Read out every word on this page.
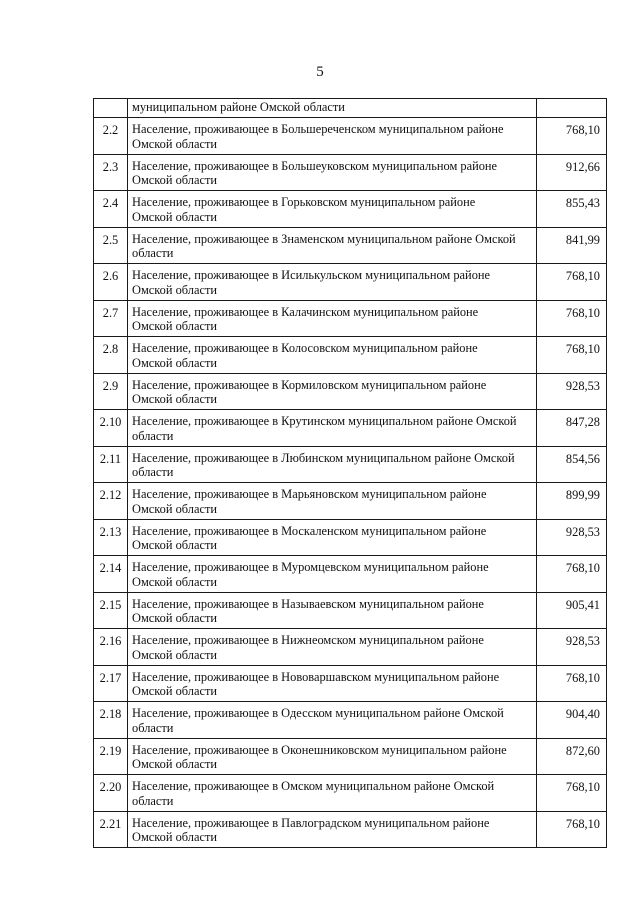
5

	муниципальном районе Омской области	

2.2	Население, проживающее в Большереченском муниципальном районе
Омской области	768,10
2.3	Население, проживающее в Большеуковском муниципальном районе
Омской области	912,66
2.4	Население, проживающее в Горьковском муниципальном районе
Омской области	855,43
2.5	Население, проживающее в Знаменском муниципальном районе Омской
области	841,99
2.6	Население, проживающее в Исилькульском муниципальном районе
Омской области	768,10
2.7	Население, проживающее в Калачинском муниципальном районе
Омской области	768,10
2.8	Население, проживающее в Колосовском муниципальном районе
Омской области	768,10
2.9	Население, проживающее в Кормиловском муниципальном районе
Омской области	928,53
2.10	Население, проживающее в Крутинском муниципальном районе Омской
области	847,28
2.11	Население, проживающее в Любинском муниципальном районе Омской
области	854,56
2.12	Население, проживающее в Марьяновском муниципальном районе
Омской области	899,99
2.13	Население, проживающее в Москаленском муниципальном районе
Омской области	928,53
2.14	Население, проживающее в Муромцевском муниципальном районе
Омской области	768,10
2.15	Население, проживающее в Называевском муниципальном районе
Омской области	905,41
2.16	Население, проживающее в Нижнеомском муниципальном районе
Омской области	928,53
2.17	Население, проживающее в Нововаршавском муниципальном районе
Омской области	768,10
2.18	Население, проживающее в Одесском муниципальном районе Омской
области	904,40
2.19	Население, проживающее в Оконешниковском муниципальном районе
Омской области	872,60
2.20	Население, проживающее в Омском муниципальном районе Омской
области	768,10
2.21	Население, проживающее в Павлоградском муниципальном районе
Омской области	768,10
